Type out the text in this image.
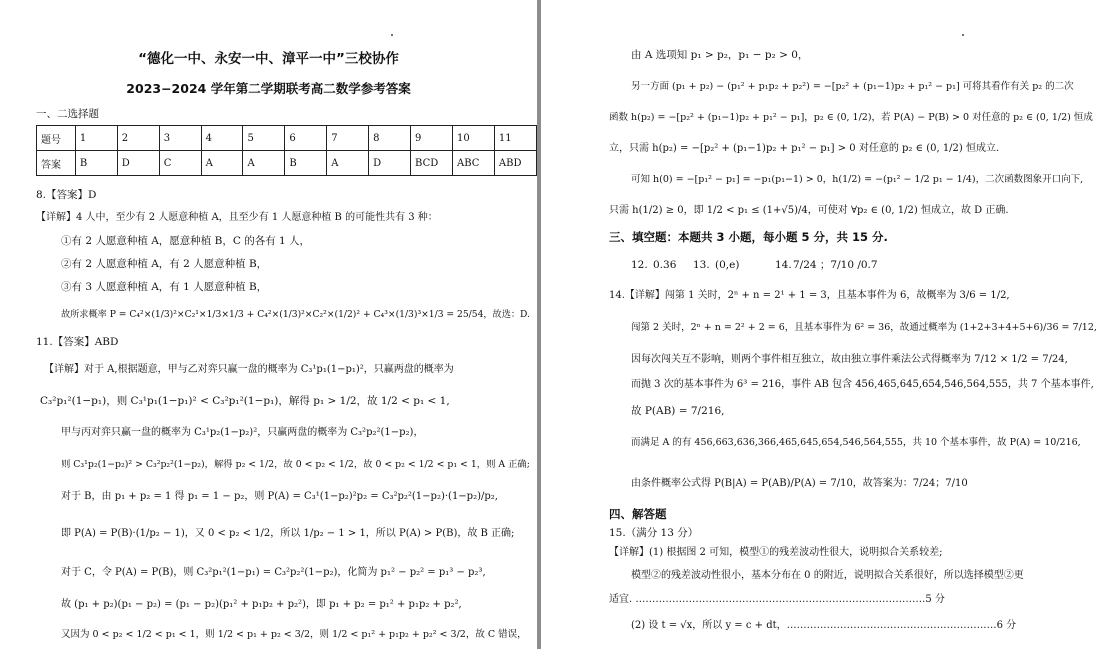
“德化一中、永安一中、漳平一中”三校协作
2023−2024 学年第二学期联考高二数学参考答案
一、二选择题
题号	1	2	3	4	5	6	7	8	9	10	11
答案	B	D	C	A	A	B	A	D	BCD	ABC	ABD
8.【答案】D
【详解】4 人中，至少有 2 人愿意种植 A，且至少有 1 人愿意种植 B 的可能性共有 3 种：
①有 2 人愿意种植 A，愿意种植 B，C 的各有 1 人，
②有 2 人愿意种植 A，有 2 人愿意种植 B，
③有 3 人愿意种植 A，有 1 人愿意种植 B，
故所求概率 P = C₄²×(1/3)²×C₂¹×1/3×1/3 + C₄²×(1/3)²×C₂²×(1/2)² + C₄³×(1/3)³×1/3 = 25/54，故选：D.
11.【答案】ABD
【详解】对于 A,根据题意，甲与乙对弈只赢一盘的概率为 C₃¹p₁(1−p₁)²，只赢两盘的概率为
C₃²p₁²(1−p₁)，则 C₃¹p₁(1−p₁)² < C₃²p₁²(1−p₁)，解得 p₁ > 1/2，故 1/2 < p₁ < 1,
甲与丙对弈只赢一盘的概率为 C₃¹p₂(1−p₂)²，只赢两盘的概率为 C₃²p₂²(1−p₂)，
则 C₃¹p₂(1−p₂)² > C₃²p₂²(1−p₂)，解得 p₂ < 1/2，故 0 < p₂ < 1/2，故 0 < p₂ < 1/2 < p₁ < 1，则 A 正确;
对于 B，由 p₁ + p₂ = 1 得 p₁ = 1 − p₂，则 P(A) = C₃¹(1−p₂)²p₂ = C₃²p₂²(1−p₂)·(1−p₂)/p₂,
即 P(A) = P(B)·(1/p₂ − 1)，又 0 < p₂ < 1/2，所以 1/p₂ − 1 > 1，所以 P(A) > P(B)，故 B 正确;
对于 C，令 P(A) = P(B)，则 C₃²p₁²(1−p₁) = C₃²p₂²(1−p₂)，化简为 p₁² − p₂² = p₁³ − p₂³,
故 (p₁ + p₂)(p₁ − p₂) = (p₁ − p₂)(p₁² + p₁p₂ + p₂²)，即 p₁ + p₂ = p₁² + p₁p₂ + p₂²,
又因为 0 < p₂ < 1/2 < p₁ < 1，则 1/2 < p₁ + p₂ < 3/2，则 1/2 < p₁² + p₁p₂ + p₂² < 3/2，故 C 错误，
由 A 选项知 p₁ > p₂，p₁ − p₂ > 0，
另一方面 (p₁ + p₂) − (p₁² + p₁p₂ + p₂²) = −[p₂² + (p₁−1)p₂ + p₁² − p₁] 可将其看作有关 p₂ 的二次
函数 h(p₂) = −[p₂² + (p₁−1)p₂ + p₁² − p₁]，p₂ ∈ (0, 1/2)，若 P(A) − P(B) > 0 对任意的 p₂ ∈ (0, 1/2) 恒成
立，只需 h(p₂) = −[p₂² + (p₁−1)p₂ + p₁² − p₁] > 0 对任意的 p₂ ∈ (0, 1/2) 恒成立.
可知 h(0) = −[p₁² − p₁] = −p₁(p₁−1) > 0，h(1/2) = −(p₁² − 1/2 p₁ − 1/4)，二次函数图象开口向下,
只需 h(1/2) ≥ 0，即 1/2 < p₁ ≤ (1+√5)/4，可使对 ∀p₂ ∈ (0, 1/2) 恒成立，故 D 正确.
三、填空题：本题共 3 小题，每小题 5 分，共 15 分.
12. 0.36 13. (0,e)	14. 7/24 ；7/10 /0.7
14.【详解】闯第 1 关时，2ⁿ + n = 2¹ + 1 = 3，且基本事件为 6，故概率为 3/6 = 1/2,
闯第 2 关时，2ⁿ + n = 2² + 2 = 6，且基本事件为 6² = 36，故通过概率为 (1+2+3+4+5+6)/36 = 7/12,
因每次闯关互不影响，则两个事件相互独立，故由独立事件乘法公式得概率为 7/12 × 1/2 = 7/24,
而抛 3 次的基本事件为 6³ = 216，事件 AB 包含 456,465,645,654,546,564,555，共 7 个基本事件,
故 P(AB) = 7/216,
而满足 A 的有 456,663,636,366,465,645,654,546,564,555，共 10 个基本事件，故 P(A) = 10/216,
由条件概率公式得 P(B|A) = P(AB)/P(A) = 7/10，故答案为：7/24；7/10
四、解答题
15.（满分 13 分）
【详解】(1) 根据图 2 可知，模型①的残差波动性很大，说明拟合关系较差;
模型②的残差波动性很小，基本分布在 0 的附近，说明拟合关系很好，所以选择模型②更
适宜. ……………………………………………………………………………5 分
(2) 设 t = √x，所以 y = c + dt，………………………………………………………6 分
